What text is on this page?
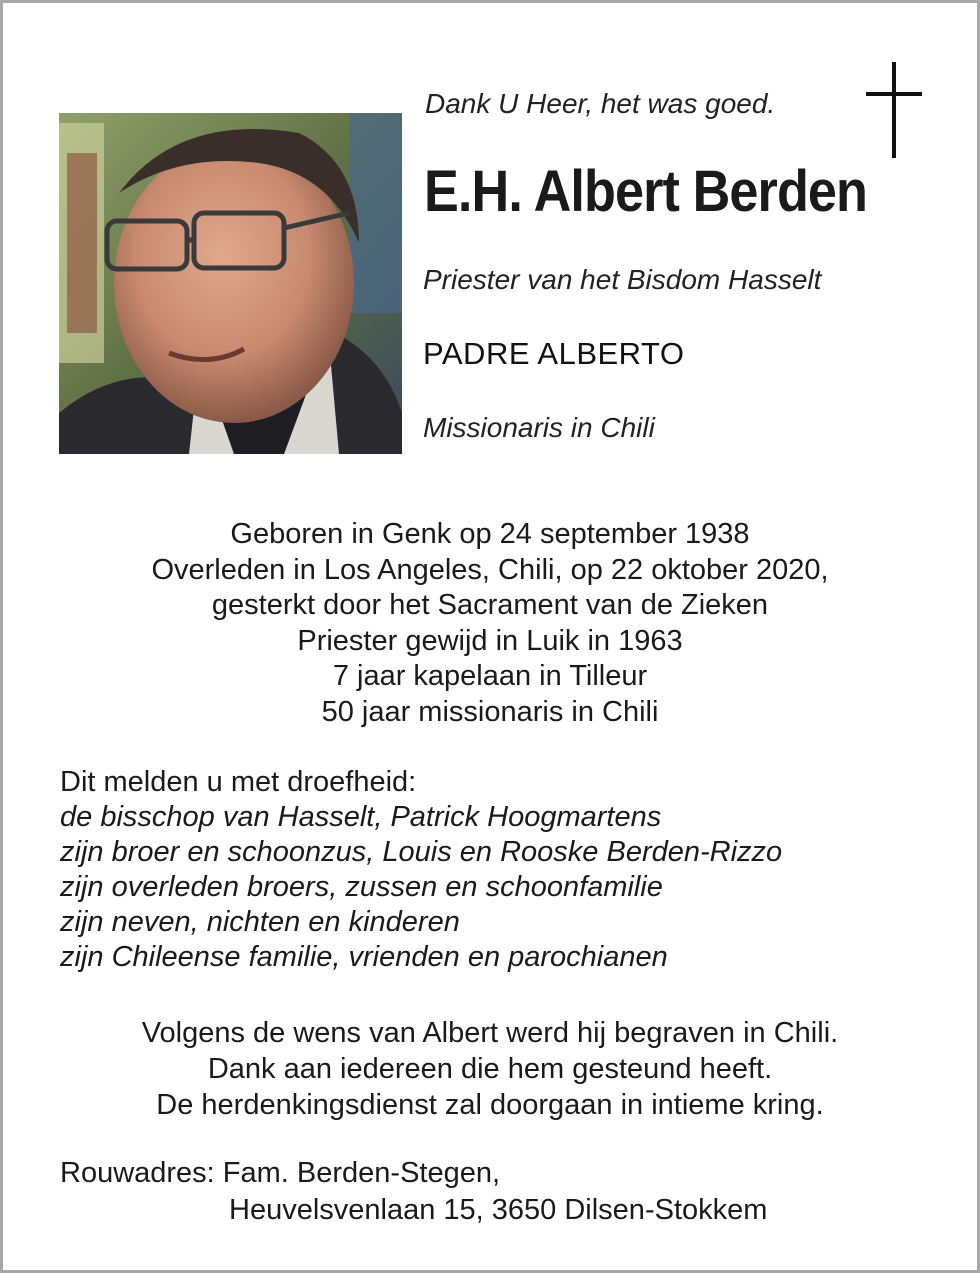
Dank U Heer, het was goed.
E.H. Albert Berden
Priester van het Bisdom Hasselt
PADRE ALBERTO
Missionaris in Chili
Geboren in Genk op 24 september 1938
Overleden in Los Angeles, Chili, op 22 oktober 2020,
gesterkt door het Sacrament van de Zieken
Priester gewijd in Luik in 1963
7 jaar kapelaan in Tilleur
50 jaar missionaris in Chili
Dit melden u met droefheid:
de bisschop van Hasselt, Patrick Hoogmartens
zijn broer en schoonzus, Louis en Rooske Berden-Rizzo
zijn overleden broers, zussen en schoonfamilie
zijn neven, nichten en kinderen
zijn Chileense familie, vrienden en parochianen
Volgens de wens van Albert werd hij begraven in Chili.
Dank aan iedereen die hem gesteund heeft.
De herdenkingsdienst zal doorgaan in intieme kring.
Rouwadres: Fam. Berden-Stegen,
Heuvelsvenlaan 15, 3650 Dilsen-Stokkem
